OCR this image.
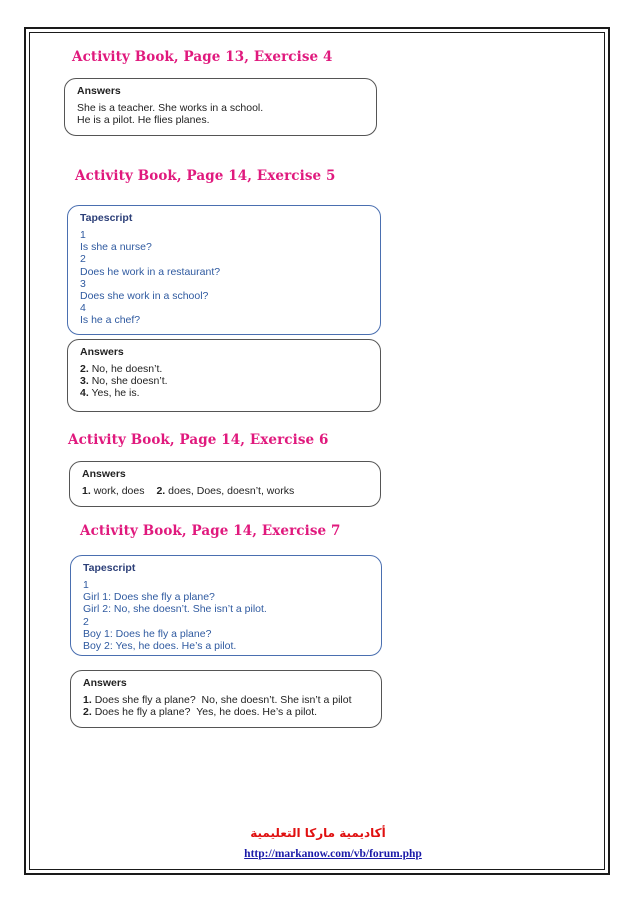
Activity Book, Page 13, Exercise 4
Answers
She is a teacher. She works in a school.
He is a pilot. He flies planes.
Activity Book, Page 14, Exercise 5
Tapescript
1
Is she a nurse?
2
Does he work in a restaurant?
3
Does she work in a school?
4
Is he a chef?
Answers
2. No, he doesn’t.
3. No, she doesn’t.
4. Yes, he is.
Activity Book, Page 14, Exercise 6
Answers
1. work, does 2. does, Does, doesn’t, works
Activity Book, Page 14, Exercise 7
Tapescript
1
Girl 1: Does she fly a plane?
Girl 2: No, she doesn’t. She isn’t a pilot.
2
Boy 1: Does he fly a plane?
Boy 2: Yes, he does. He’s a pilot.
Answers
1. Does she fly a plane? No, she doesn’t. She isn’t a pilot
2. Does he fly a plane? Yes, he does. He’s a pilot.
أكاديمية ماركا التعليمية
http://markanow.com/vb/forum.php
